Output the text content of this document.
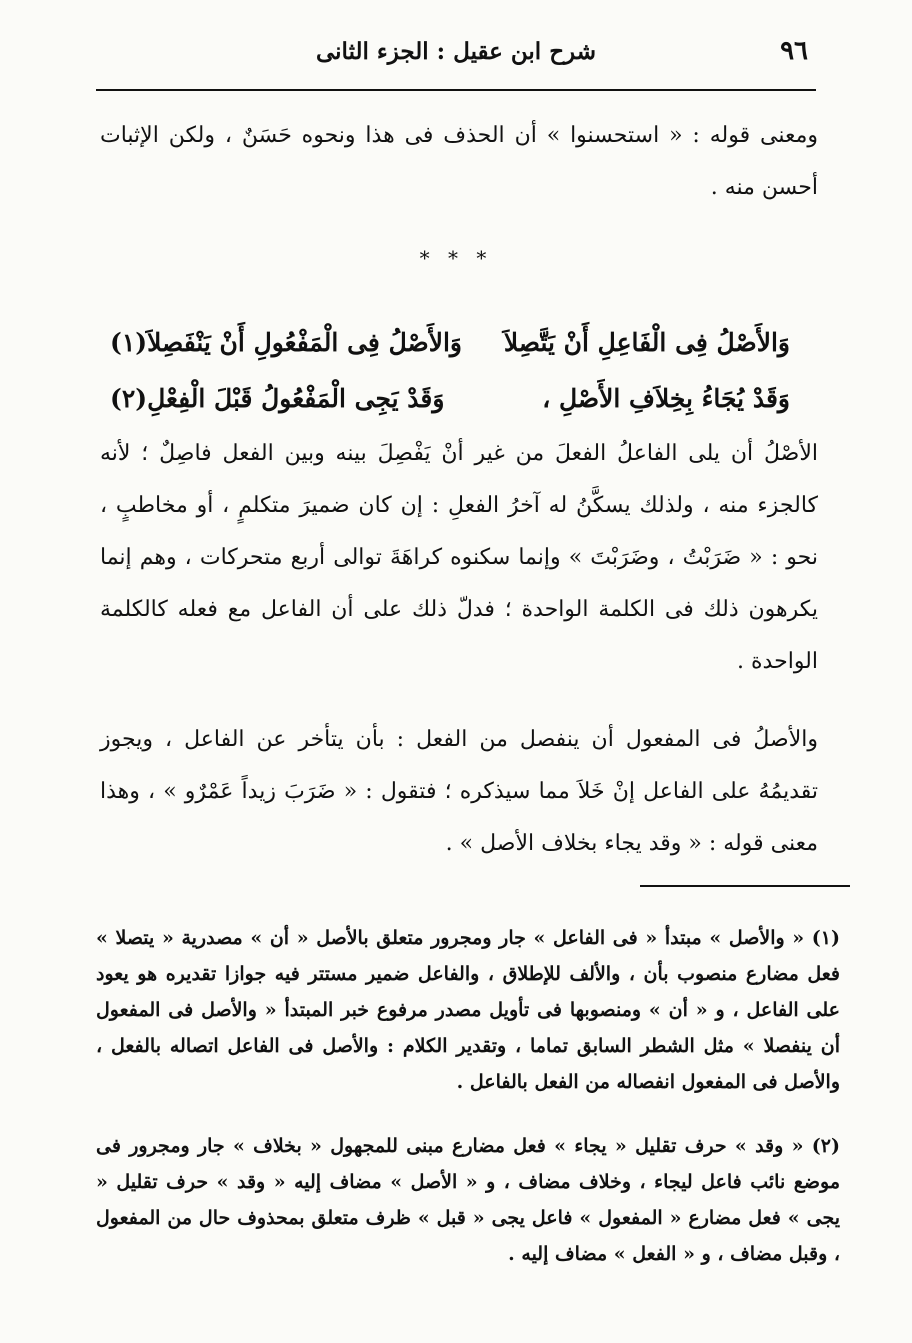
٩٦
شرح ابن عقيل : الجزء الثانى
ومعنى قوله : « استحسنوا » أن الحذف فى هذا ونحوه حَسَنٌ ، ولكن الإثبات أحسن منه .
* * *
وَالأَصْلُ فِى الْفَاعِلِ أَنْ يَتَّصِلاَ
وَالأَصْلُ فِى الْمَفْعُولِ أَنْ يَنْفَصِلاَ(١)
وَقَدْ يُجَاءُ بِخِلاَفِ الأَصْلِ ،
وَقَدْ يَجِى الْمَفْعُولُ قَبْلَ الْفِعْلِ(٢)
الأصْلُ أن يلى الفاعلُ الفعلَ من غير أنْ يَفْصِلَ بينه وبين الفعل فاصِلٌ ؛ لأنه كالجزء منه ، ولذلك يسكَّنُ له آخرُ الفعلِ : إن كان ضميرَ متكلمٍ ، أو مخاطبٍ ، نحو : « ضَرَبْتُ ، وضَرَبْتَ » وإنما سكنوه كراهَةَ توالى أربع متحركات ، وهم إنما يكرهون ذلك فى الكلمة الواحدة ؛ فدلّ ذلك على أن الفاعل مع فعله كالكلمة الواحدة .
والأصلُ فى المفعول أن ينفصل من الفعل : بأن يتأخر عن الفاعل ، ويجوز تقديمُهُ على الفاعل إنْ خَلاَ مما سيذكره ؛ فتقول : « ضَرَبَ زيداً عَمْرٌو » ، وهذا معنى قوله : « وقد يجاء بخلاف الأصل » .
(١) « والأصل » مبتدأ « فى الفاعل » جار ومجرور متعلق بالأصل « أن » مصدرية « يتصلا » فعل مضارع منصوب بأن ، والألف للإطلاق ، والفاعل ضمير مستتر فيه جوازا تقديره هو يعود على الفاعل ، و « أن » ومنصوبها فى تأويل مصدر مرفوع خبر المبتدأ « والأصل فى المفعول أن ينفصلا » مثل الشطر السابق تماما ، وتقدير الكلام : والأصل فى الفاعل اتصاله بالفعل ، والأصل فى المفعول انفصاله من الفعل بالفاعل .
(٢) « وقد » حرف تقليل « يجاء » فعل مضارع مبنى للمجهول « بخلاف » جار ومجرور فى موضع نائب فاعل ليجاء ، وخلاف مضاف ، و « الأصل » مضاف إليه « وقد » حرف تقليل « يجى » فعل مضارع « المفعول » فاعل يجى « قبل » ظرف متعلق بمحذوف حال من المفعول ، وقبل مضاف ، و « الفعل » مضاف إليه .
